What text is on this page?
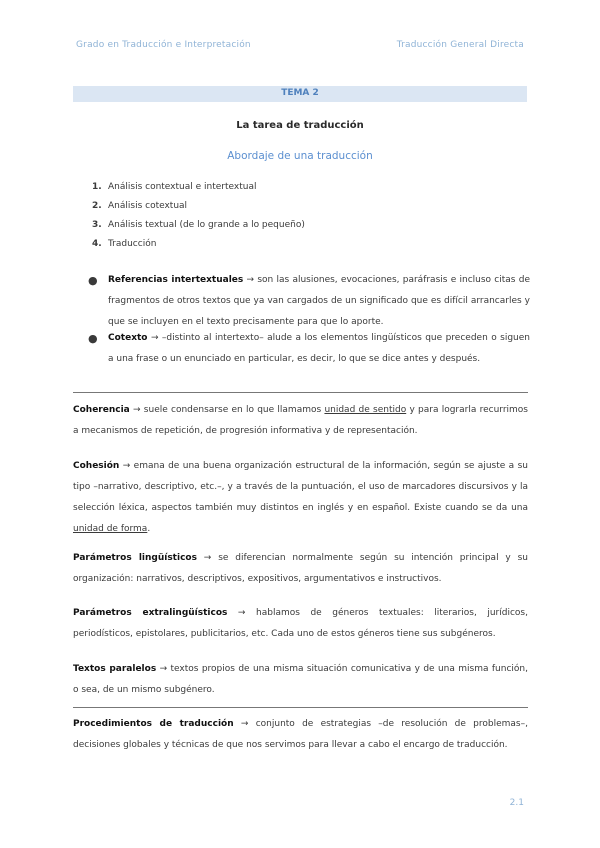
Grado en Traducción e Interpretación	Traducción General Directa
TEMA 2
La tarea de traducción
Abordaje de una traducción
1. Análisis contextual e intertextual
2. Análisis cotextual
3. Análisis textual (de lo grande a lo pequeño)
4. Traducción
● Referencias intertextuales → son las alusiones, evocaciones, paráfrasis e incluso citas de fragmentos de otros textos que ya van cargados de un significado que es difícil arrancarles y que se incluyen en el texto precisamente para que lo aporte.
● Cotexto → –distinto al intertexto– alude a los elementos lingüísticos que preceden o siguen a una frase o un enunciado en particular, es decir, lo que se dice antes y después.
Coherencia → suele condensarse en lo que llamamos unidad de sentido y para lograrla recurrimos a mecanismos de repetición, de progresión informativa y de representación.
Cohesión → emana de una buena organización estructural de la información, según se ajuste a su tipo –narrativo, descriptivo, etc.–, y a través de la puntuación, el uso de marcadores discursivos y la selección léxica, aspectos también muy distintos en inglés y en español. Existe cuando se da una unidad de forma.
Parámetros lingüísticos → se diferencian normalmente según su intención principal y su organización: narrativos, descriptivos, expositivos, argumentativos e instructivos.
Parámetros extralingüísticos → hablamos de géneros textuales: literarios, jurídicos, periodísticos, epistolares, publicitarios, etc. Cada uno de estos géneros tiene sus subgéneros.
Textos paralelos → textos propios de una misma situación comunicativa y de una misma función, o sea, de un mismo subgénero.
Procedimientos de traducción → conjunto de estrategias –de resolución de problemas–, decisiones globales y técnicas de que nos servimos para llevar a cabo el encargo de traducción.
2.1
